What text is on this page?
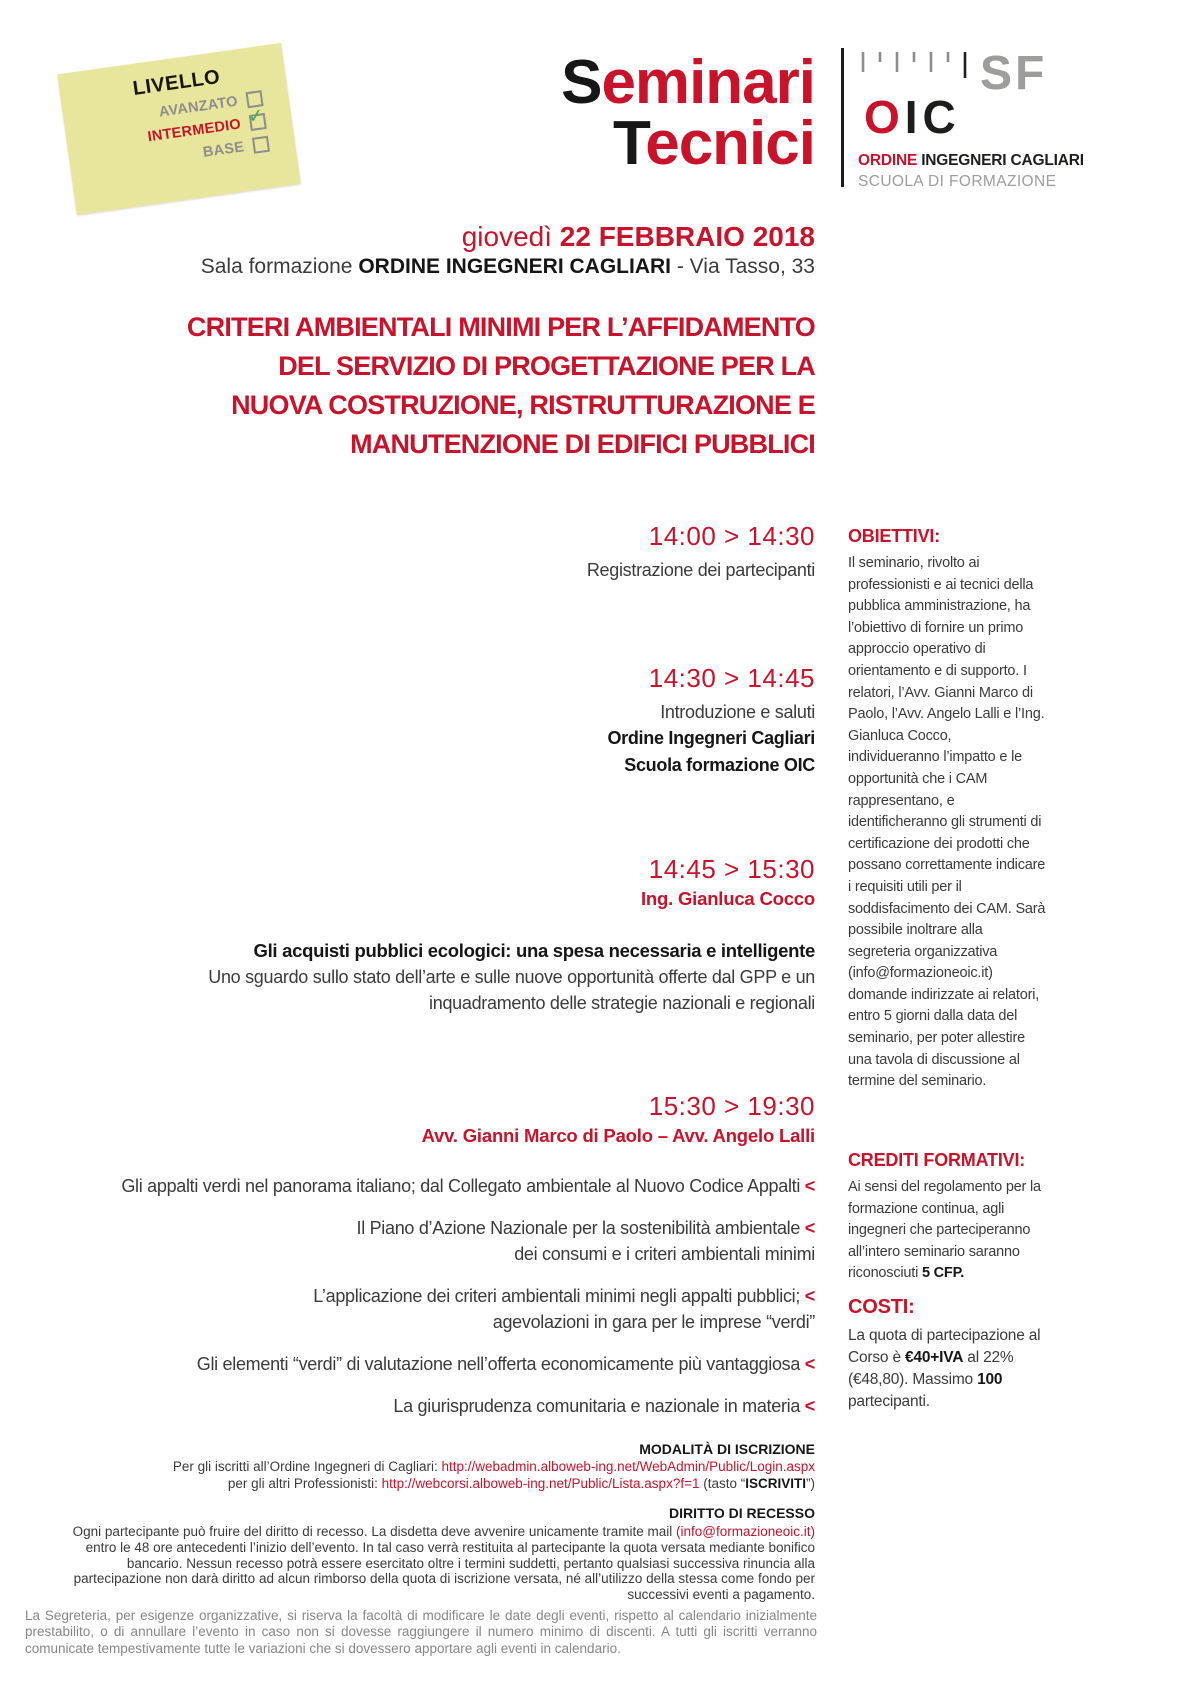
LIVELLO
AVANZATO
INTERMEDIO ✓
BASE
Seminari
Tecnici OIC
SF
ORDINE INGEGNERI CAGLIARI
SCUOLA DI FORMAZIONE
giovedì 22 FEBBRAIO 2018
Sala formazione ORDINE INGEGNERI CAGLIARI - Via Tasso, 33
CRITERI AMBIENTALI MINIMI PER L’AFFIDAMENTO
DEL SERVIZIO DI PROGETTAZIONE PER LA
NUOVA COSTRUZIONE, RISTRUTTURAZIONE E
MANUTENZIONE DI EDIFICI PUBBLICI
14:00 > 14:30
Registrazione dei partecipanti
14:30 > 14:45
Introduzione e saluti
Ordine Ingegneri Cagliari
Scuola formazione OIC
14:45 > 15:30
Ing. Gianluca Cocco
Gli acquisti pubblici ecologici: una spesa necessaria e intelligente
Uno sguardo sullo stato dell’arte e sulle nuove opportunità offerte dal GPP e un
inquadramento delle strategie nazionali e regionali
15:30 > 19:30
Avv. Gianni Marco di Paolo – Avv. Angelo Lalli
Gli appalti verdi nel panorama italiano; dal Collegato ambientale al Nuovo Codice Appalti <
Il Piano d’Azione Nazionale per la sostenibilità ambientale <
dei consumi e i criteri ambientali minimi
L’applicazione dei criteri ambientali minimi negli appalti pubblici; <
agevolazioni in gara per le imprese “verdi”
Gli elementi “verdi” di valutazione nell’offerta economicamente più vantaggiosa <
La giurisprudenza comunitaria e nazionale in materia <
OBIETTIVI:
Il seminario, rivolto ai professionisti e ai tecnici della pubblica amministrazione, ha l’obiettivo di fornire un primo approccio operativo di orientamento e di supporto. I relatori, l’Avv. Gianni Marco di Paolo, l’Avv. Angelo Lalli e l’Ing. Gianluca Cocco, individueranno l’impatto e le opportunità che i CAM rappresentano, e identificheranno gli strumenti di certificazione dei prodotti che possano correttamente indicare i requisiti utili per il soddisfacimento dei CAM. Sarà possibile inoltrare alla segreteria organizzativa (info@formazioneoic.it) domande indirizzate ai relatori, entro 5 giorni dalla data del seminario, per poter allestire una tavola di discussione al termine del seminario.
CREDITI FORMATIVI:
Ai sensi del regolamento per la formazione continua, agli ingegneri che parteciperanno all’intero seminario saranno riconosciuti 5 CFP.
COSTI:
La quota di partecipazione al Corso è €40+IVA al 22% (€48,80). Massimo 100 partecipanti.
MODALITÀ DI ISCRIZIONE
Per gli iscritti all’Ordine Ingegneri di Cagliari: http://webadmin.alboweb-ing.net/WebAdmin/Public/Login.aspx
per gli altri Professionisti: http://webcorsi.alboweb-ing.net/Public/Lista.aspx?f=1 (tasto “ISCRIVITI”)
DIRITTO DI RECESSO
Ogni partecipante può fruire del diritto di recesso. La disdetta deve avvenire unicamente tramite mail (info@formazioneoic.it) entro le 48 ore antecedenti l’inizio dell’evento. In tal caso verrà restituita al partecipante la quota versata mediante bonifico bancario. Nessun recesso potrà essere esercitato oltre i termini suddetti, pertanto qualsiasi successiva rinuncia alla partecipazione non darà diritto ad alcun rimborso della quota di iscrizione versata, né all’utilizzo della stessa come fondo per successivi eventi a pagamento.
La Segreteria, per esigenze organizzative, si riserva la facoltà di modificare le date degli eventi, rispetto al calendario inizialmente prestabilito, o di annullare l’evento in caso non si dovesse raggiungere il numero minimo di discenti. A tutti gli iscritti verranno comunicate tempestivamente tutte le variazioni che si dovessero apportare agli eventi in calendario.
